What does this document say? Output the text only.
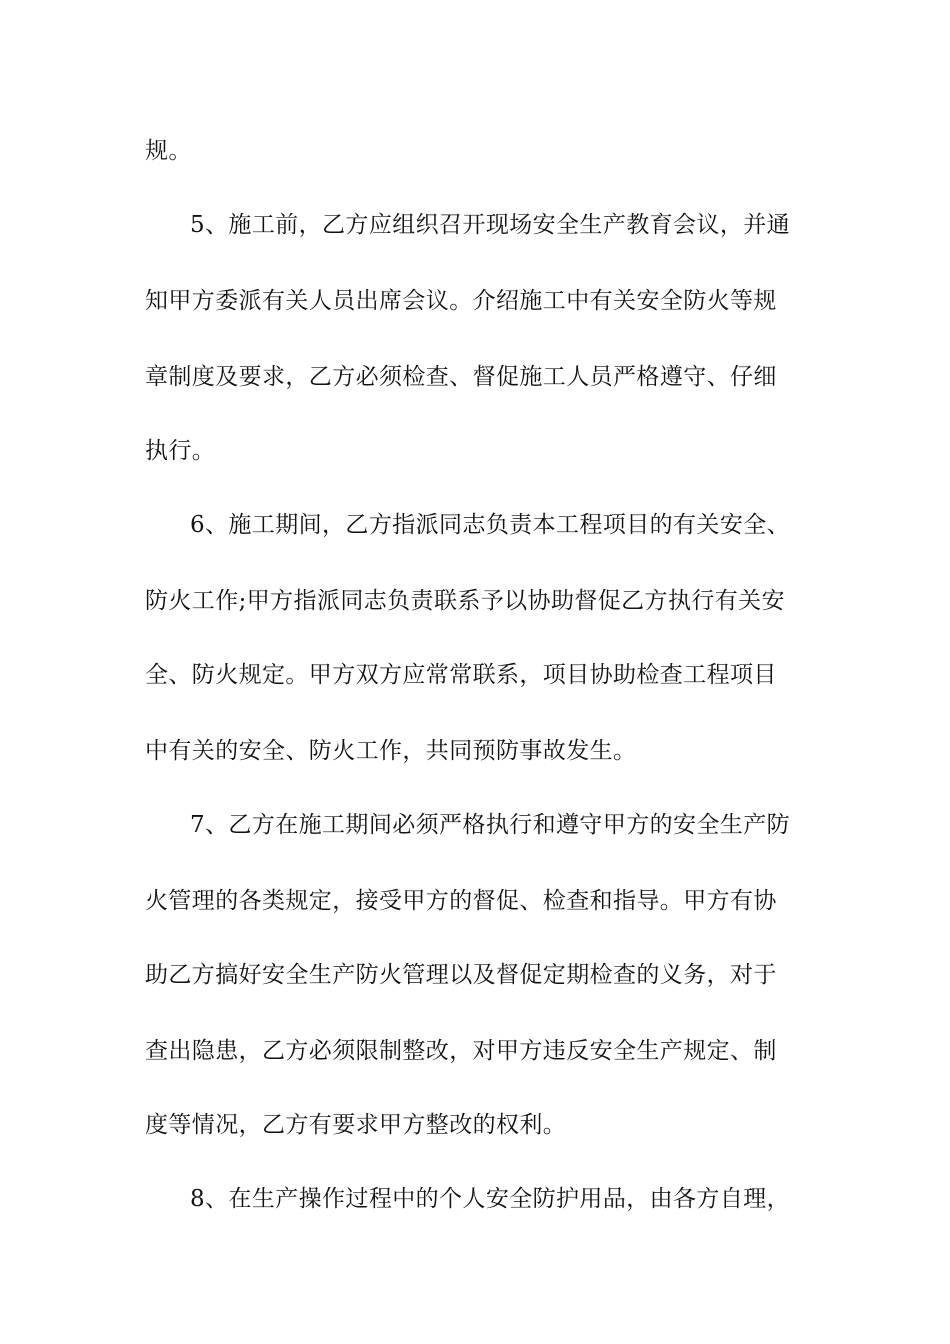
规。
5、施工前，乙方应组织召开现场安全生产教育会议，并通
知甲方委派有关人员出席会议。介绍施工中有关安全防火等规
章制度及要求，乙方必须检查、督促施工人员严格遵守、仔细
执行。
6、施工期间，乙方指派同志负责本工程项目的有关安全、
防火工作;甲方指派同志负责联系予以协助督促乙方执行有关安
全、防火规定。甲方双方应常常联系，项目协助检查工程项目
中有关的安全、防火工作，共同预防事故发生。
7、乙方在施工期间必须严格执行和遵守甲方的安全生产防
火管理的各类规定，接受甲方的督促、检查和指导。甲方有协
助乙方搞好安全生产防火管理以及督促定期检查的义务，对于
查出隐患，乙方必须限制整改，对甲方违反安全生产规定、制
度等情况，乙方有要求甲方整改的权利。
8、在生产操作过程中的个人安全防护用品，由各方自理，
